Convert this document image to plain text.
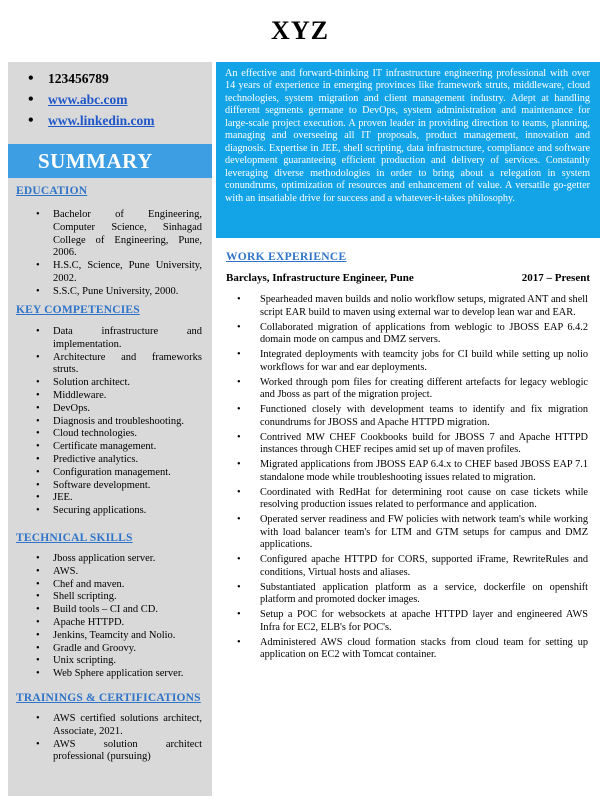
XYZ
• 123456789
• www.abc.com
• www.linkedin.com
SUMMARY
EDUCATION
• Bachelor of Engineering, Computer Science, Sinhagad College of Engineering, Pune, 2006.
• H.S.C, Science, Pune University, 2002.
• S.S.C, Pune University, 2000.
KEY COMPETENCIES
• Data infrastructure and implementation.
• Architecture and frameworks struts.
• Solution architect.
• Middleware.
• DevOps.
• Diagnosis and troubleshooting.
• Cloud technologies.
• Certificate management.
• Predictive analytics.
• Configuration management.
• Software development.
• JEE.
• Securing applications.
TECHNICAL SKILLS
• Jboss application server.
• AWS.
• Chef and maven.
• Shell scripting.
• Build tools – CI and CD.
• Apache HTTPD.
• Jenkins, Teamcity and Nolio.
• Gradle and Groovy.
• Unix scripting.
• Web Sphere application server.
TRAININGS & CERTIFICATIONS
• AWS certified solutions architect, Associate, 2021.
• AWS solution architect professional (pursuing)
An effective and forward-thinking IT infrastructure engineering professional with over 14 years of experience in emerging provinces like framework struts, middleware, cloud technologies, system migration and client management industry. Adept at handling different segments germane to DevOps, system administration and maintenance for large-scale project execution. A proven leader in providing direction to teams, planning, managing and overseeing all IT proposals, product management, innovation and diagnosis. Expertise in JEE, shell scripting, data infrastructure, compliance and software development guaranteeing efficient production and delivery of services. Constantly leveraging diverse methodologies in order to bring about a relegation in system conundrums, optimization of resources and enhancement of value. A versatile go-getter with an insatiable drive for success and a whatever-it-takes philosophy.
WORK EXPERIENCE
Barclays, Infrastructure Engineer, Pune	2017 – Present
• Spearheaded maven builds and nolio workflow setups, migrated ANT and shell script EAR build to maven using external war to develop lean war and EAR.
• Collaborated migration of applications from weblogic to JBOSS EAP 6.4.2 domain mode on campus and DMZ servers.
• Integrated deployments with teamcity jobs for CI build while setting up nolio workflows for war and ear deployments.
• Worked through pom files for creating different artefacts for legacy weblogic and Jboss as part of the migration project.
• Functioned closely with development teams to identify and fix migration conundrums for JBOSS and Apache HTTPD migration.
• Contrived MW CHEF Cookbooks build for JBOSS 7 and Apache HTTPD instances through CHEF recipes amid set up of maven profiles.
• Migrated applications from JBOSS EAP 6.4.x to CHEF based JBOSS EAP 7.1 standalone mode while troubleshooting issues related to migration.
• Coordinated with RedHat for determining root cause on case tickets while resolving production issues related to performance and application.
• Operated server readiness and FW policies with network team's while working with load balancer team's for LTM and GTM setups for campus and DMZ applications.
• Configured apache HTTPD for CORS, supported iFrame, RewriteRules and conditions, Virtual hosts and aliases.
• Substantiated application platform as a service, dockerfile on openshift platform and promoted docker images.
• Setup a POC for websockets at apache HTTPD layer and engineered AWS Infra for EC2, ELB's for POC's.
• Administered AWS cloud formation stacks from cloud team for setting up application on EC2 with Tomcat container.
